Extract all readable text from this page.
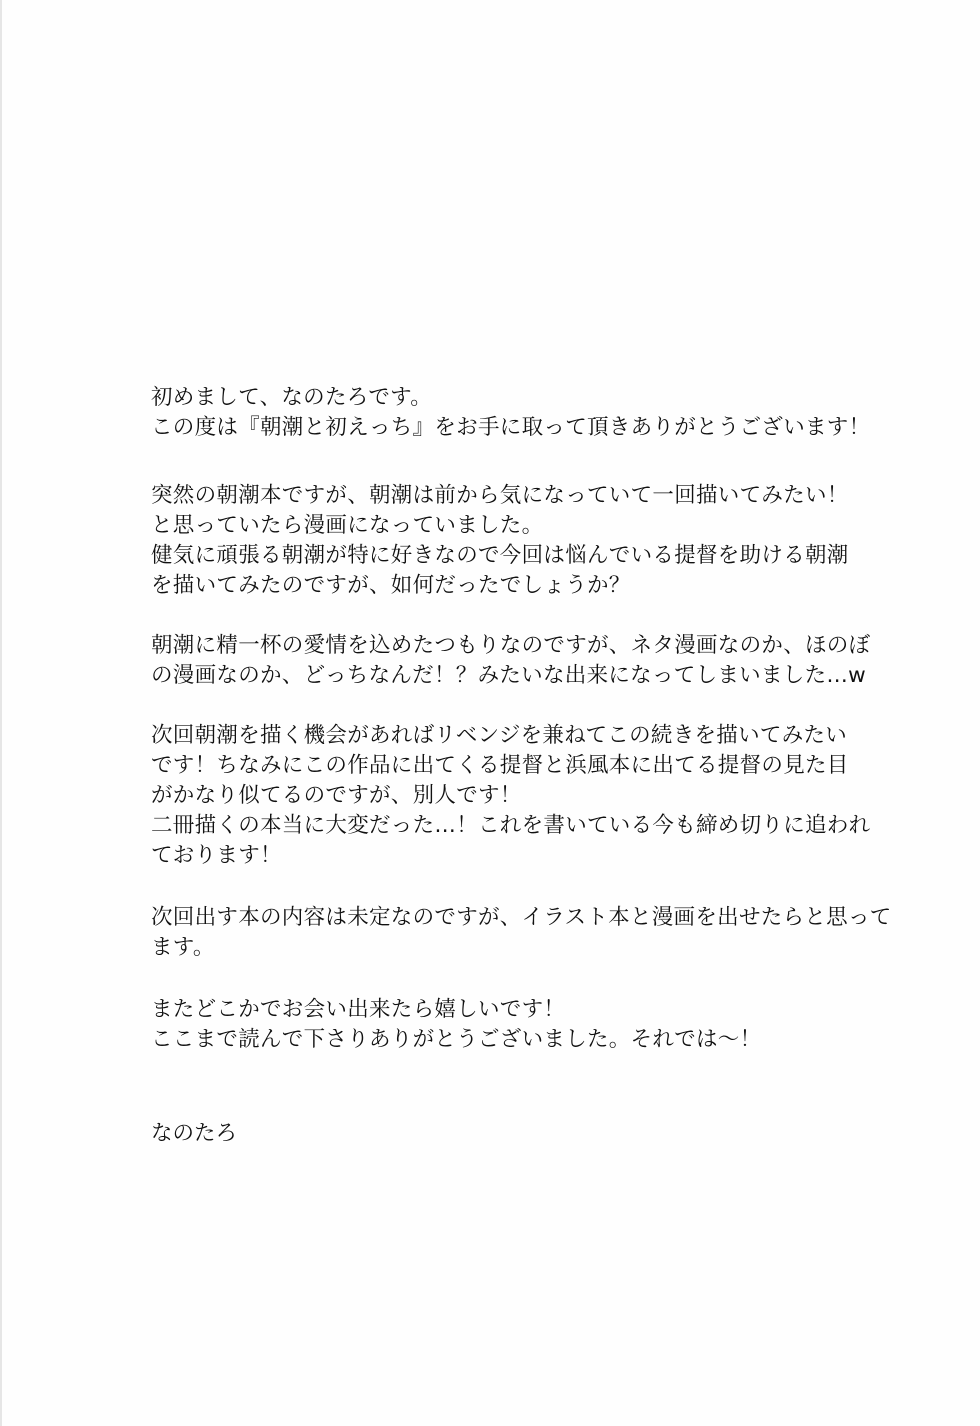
初めまして、なのたろです。
この度は『朝潮と初えっち』をお手に取って頂きありがとうございます！
突然の朝潮本ですが、朝潮は前から気になっていて一回描いてみたい！
と思っていたら漫画になっていました。
健気に頑張る朝潮が特に好きなので今回は悩んでいる提督を助ける朝潮
を描いてみたのですが、如何だったでしょうか？
朝潮に精一杯の愛情を込めたつもりなのですが、ネタ漫画なのか、ほのぼ
の漫画なのか、どっちなんだ！？みたいな出来になってしまいました…w
次回朝潮を描く機会があればリベンジを兼ねてこの続きを描いてみたい
です！ちなみにこの作品に出てくる提督と浜風本に出てる提督の見た目
がかなり似てるのですが、別人です！
二冊描くの本当に大変だった…！これを書いている今も締め切りに追われ
ております！
次回出す本の内容は未定なのですが、イラスト本と漫画を出せたらと思って
ます。
またどこかでお会い出来たら嬉しいです！
ここまで読んで下さりありがとうございました。それでは～！
なのたろ
